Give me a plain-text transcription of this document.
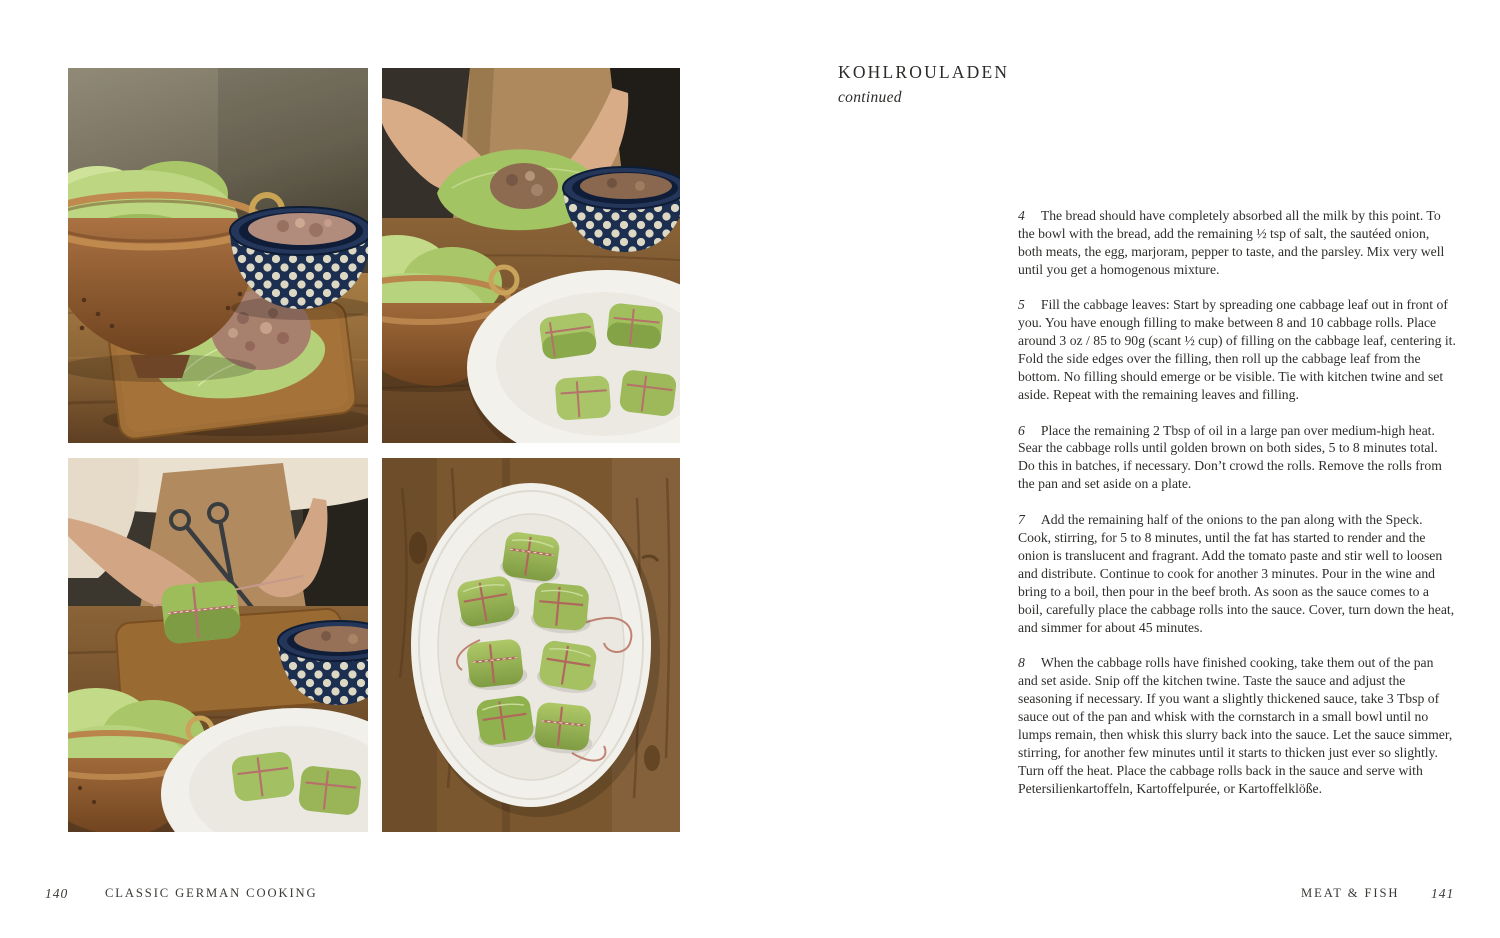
KOHLROULADEN

continued

4 The bread should have completely absorbed all the milk by this point. To the bowl with the bread, add the remaining ½ tsp of salt, the sautéed onion, both meats, the egg, marjoram, pepper to taste, and the parsley. Mix very well until you get a homogenous mixture.

5 Fill the cabbage leaves: Start by spreading one cabbage leaf out in front of you. You have enough filling to make between 8 and 10 cabbage rolls. Place around 3 oz / 85 to 90g (scant ½ cup) of filling on the cabbage leaf, centering it. Fold the side edges over the filling, then roll up the cabbage leaf from the bottom. No filling should emerge or be visible. Tie with kitchen twine and set aside. Repeat with the remaining leaves and filling.

6 Place the remaining 2 Tbsp of oil in a large pan over medium-high heat. Sear the cabbage rolls until golden brown on both sides, 5 to 8 minutes total. Do this in batches, if necessary. Don’t crowd the rolls. Remove the rolls from the pan and set aside on a plate.

7 Add the remaining half of the onions to the pan along with the Speck. Cook, stirring, for 5 to 8 minutes, until the fat has started to render and the onion is translucent and fragrant. Add the tomato paste and stir well to loosen and distribute. Continue to cook for another 3 minutes. Pour in the wine and bring to a boil, then pour in the beef broth. As soon as the sauce comes to a boil, carefully place the cabbage rolls into the sauce. Cover, turn down the heat, and simmer for about 45 minutes.

8 When the cabbage rolls have finished cooking, take them out of the pan and set aside. Snip off the kitchen twine. Taste the sauce and adjust the seasoning if necessary. If you want a slightly thickened sauce, take 3 Tbsp of sauce out of the pan and whisk with the cornstarch in a small bowl until no lumps remain, then whisk this slurry back into the sauce. Let the sauce simmer, stirring, for another few minutes until it starts to thicken just ever so slightly. Turn off the heat. Place the cabbage rolls back in the sauce and serve with Petersilienkartoffeln, Kartoffelpurée, or Kartoffelklöße.

140	CLASSIC GERMAN COOKING	MEAT & FISH 141
